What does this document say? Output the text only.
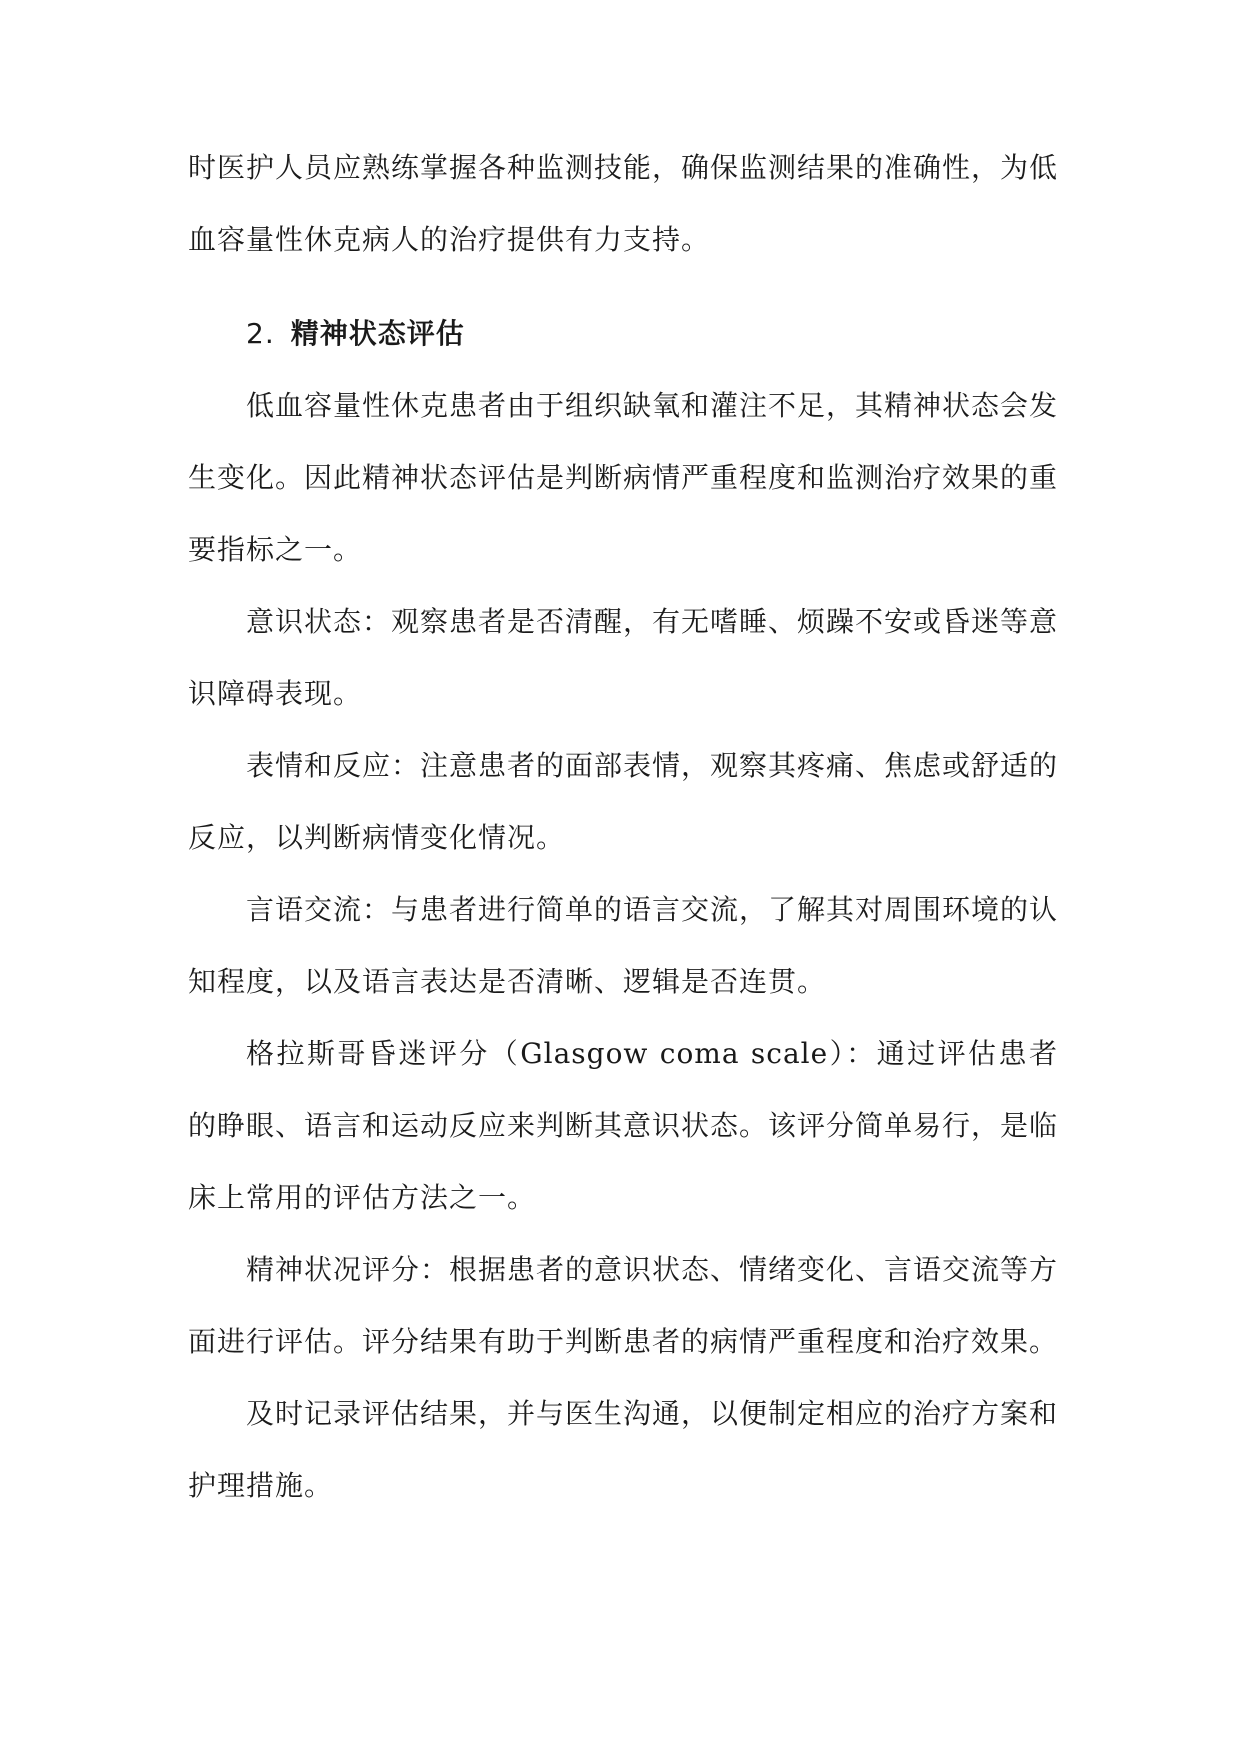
时医护人员应熟练掌握各种监测技能，确保监测结果的准确性，为低血容量性休克病人的治疗提供有力支持。

2. 精神状态评估

低血容量性休克患者由于组织缺氧和灌注不足，其精神状态会发生变化。因此精神状态评估是判断病情严重程度和监测治疗效果的重要指标之一。

意识状态：观察患者是否清醒，有无嗜睡、烦躁不安或昏迷等意识障碍表现。

表情和反应：注意患者的面部表情，观察其疼痛、焦虑或舒适的反应，以判断病情变化情况。

言语交流：与患者进行简单的语言交流，了解其对周围环境的认知程度，以及语言表达是否清晰、逻辑是否连贯。

格拉斯哥昏迷评分（Glasgow coma scale）：通过评估患者的睁眼、语言和运动反应来判断其意识状态。该评分简单易行，是临床上常用的评估方法之一。

精神状况评分：根据患者的意识状态、情绪变化、言语交流等方面进行评估。评分结果有助于判断患者的病情严重程度和治疗效果。

及时记录评估结果，并与医生沟通，以便制定相应的治疗方案和护理措施。
